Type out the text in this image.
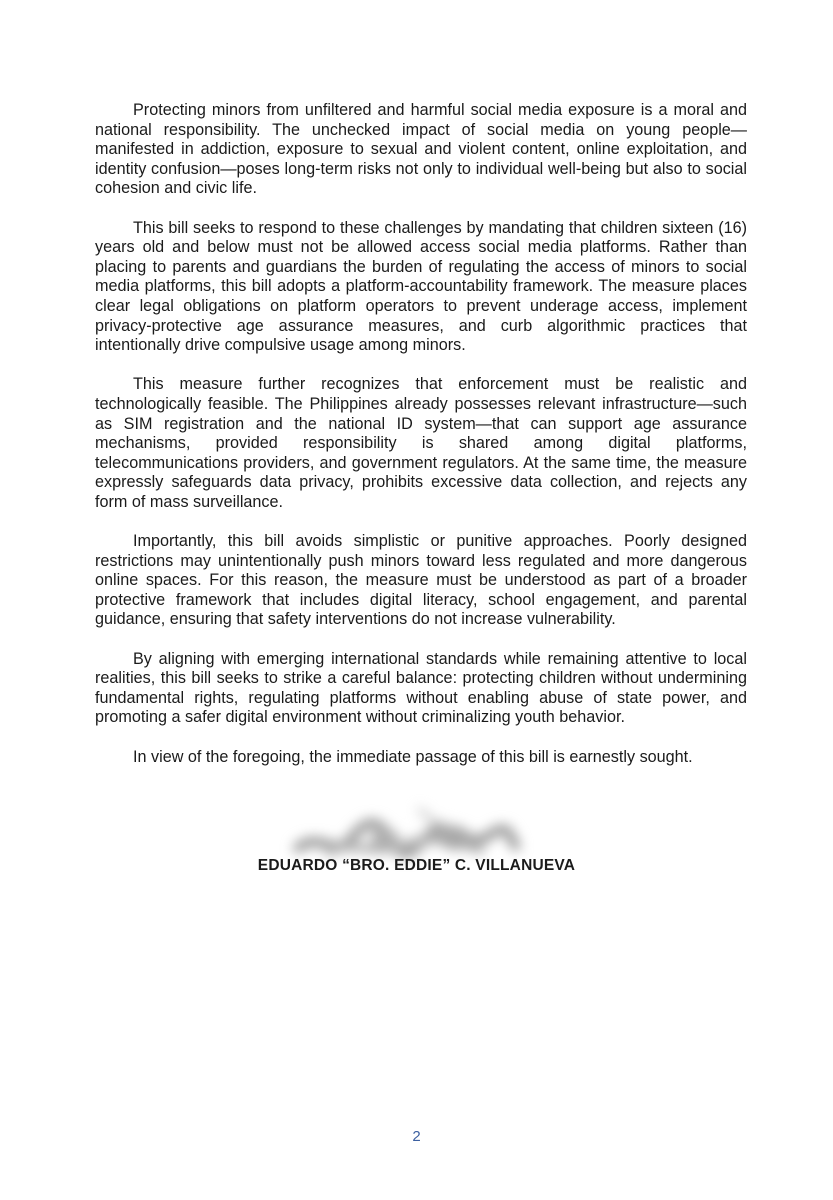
Protecting minors from unfiltered and harmful social media exposure is a moral and national responsibility. The unchecked impact of social media on young people—manifested in addiction, exposure to sexual and violent content, online exploitation, and identity confusion—poses long-term risks not only to individual well-being but also to social cohesion and civic life.

This bill seeks to respond to these challenges by mandating that children sixteen (16) years old and below must not be allowed access social media platforms. Rather than placing to parents and guardians the burden of regulating the access of minors to social media platforms, this bill adopts a platform-accountability framework. The measure places clear legal obligations on platform operators to prevent underage access, implement privacy-protective age assurance measures, and curb algorithmic practices that intentionally drive compulsive usage among minors.

This measure further recognizes that enforcement must be realistic and technologically feasible. The Philippines already possesses relevant infrastructure—such as SIM registration and the national ID system—that can support age assurance mechanisms, provided responsibility is shared among digital platforms, telecommunications providers, and government regulators. At the same time, the measure expressly safeguards data privacy, prohibits excessive data collection, and rejects any form of mass surveillance.

Importantly, this bill avoids simplistic or punitive approaches. Poorly designed restrictions may unintentionally push minors toward less regulated and more dangerous online spaces. For this reason, the measure must be understood as part of a broader protective framework that includes digital literacy, school engagement, and parental guidance, ensuring that safety interventions do not increase vulnerability.

By aligning with emerging international standards while remaining attentive to local realities, this bill seeks to strike a careful balance: protecting children without undermining fundamental rights, regulating platforms without enabling abuse of state power, and promoting a safer digital environment without criminalizing youth behavior.

In view of the foregoing, the immediate passage of this bill is earnestly sought.

EDUARDO “BRO. EDDIE” C. VILLANUEVA
2
